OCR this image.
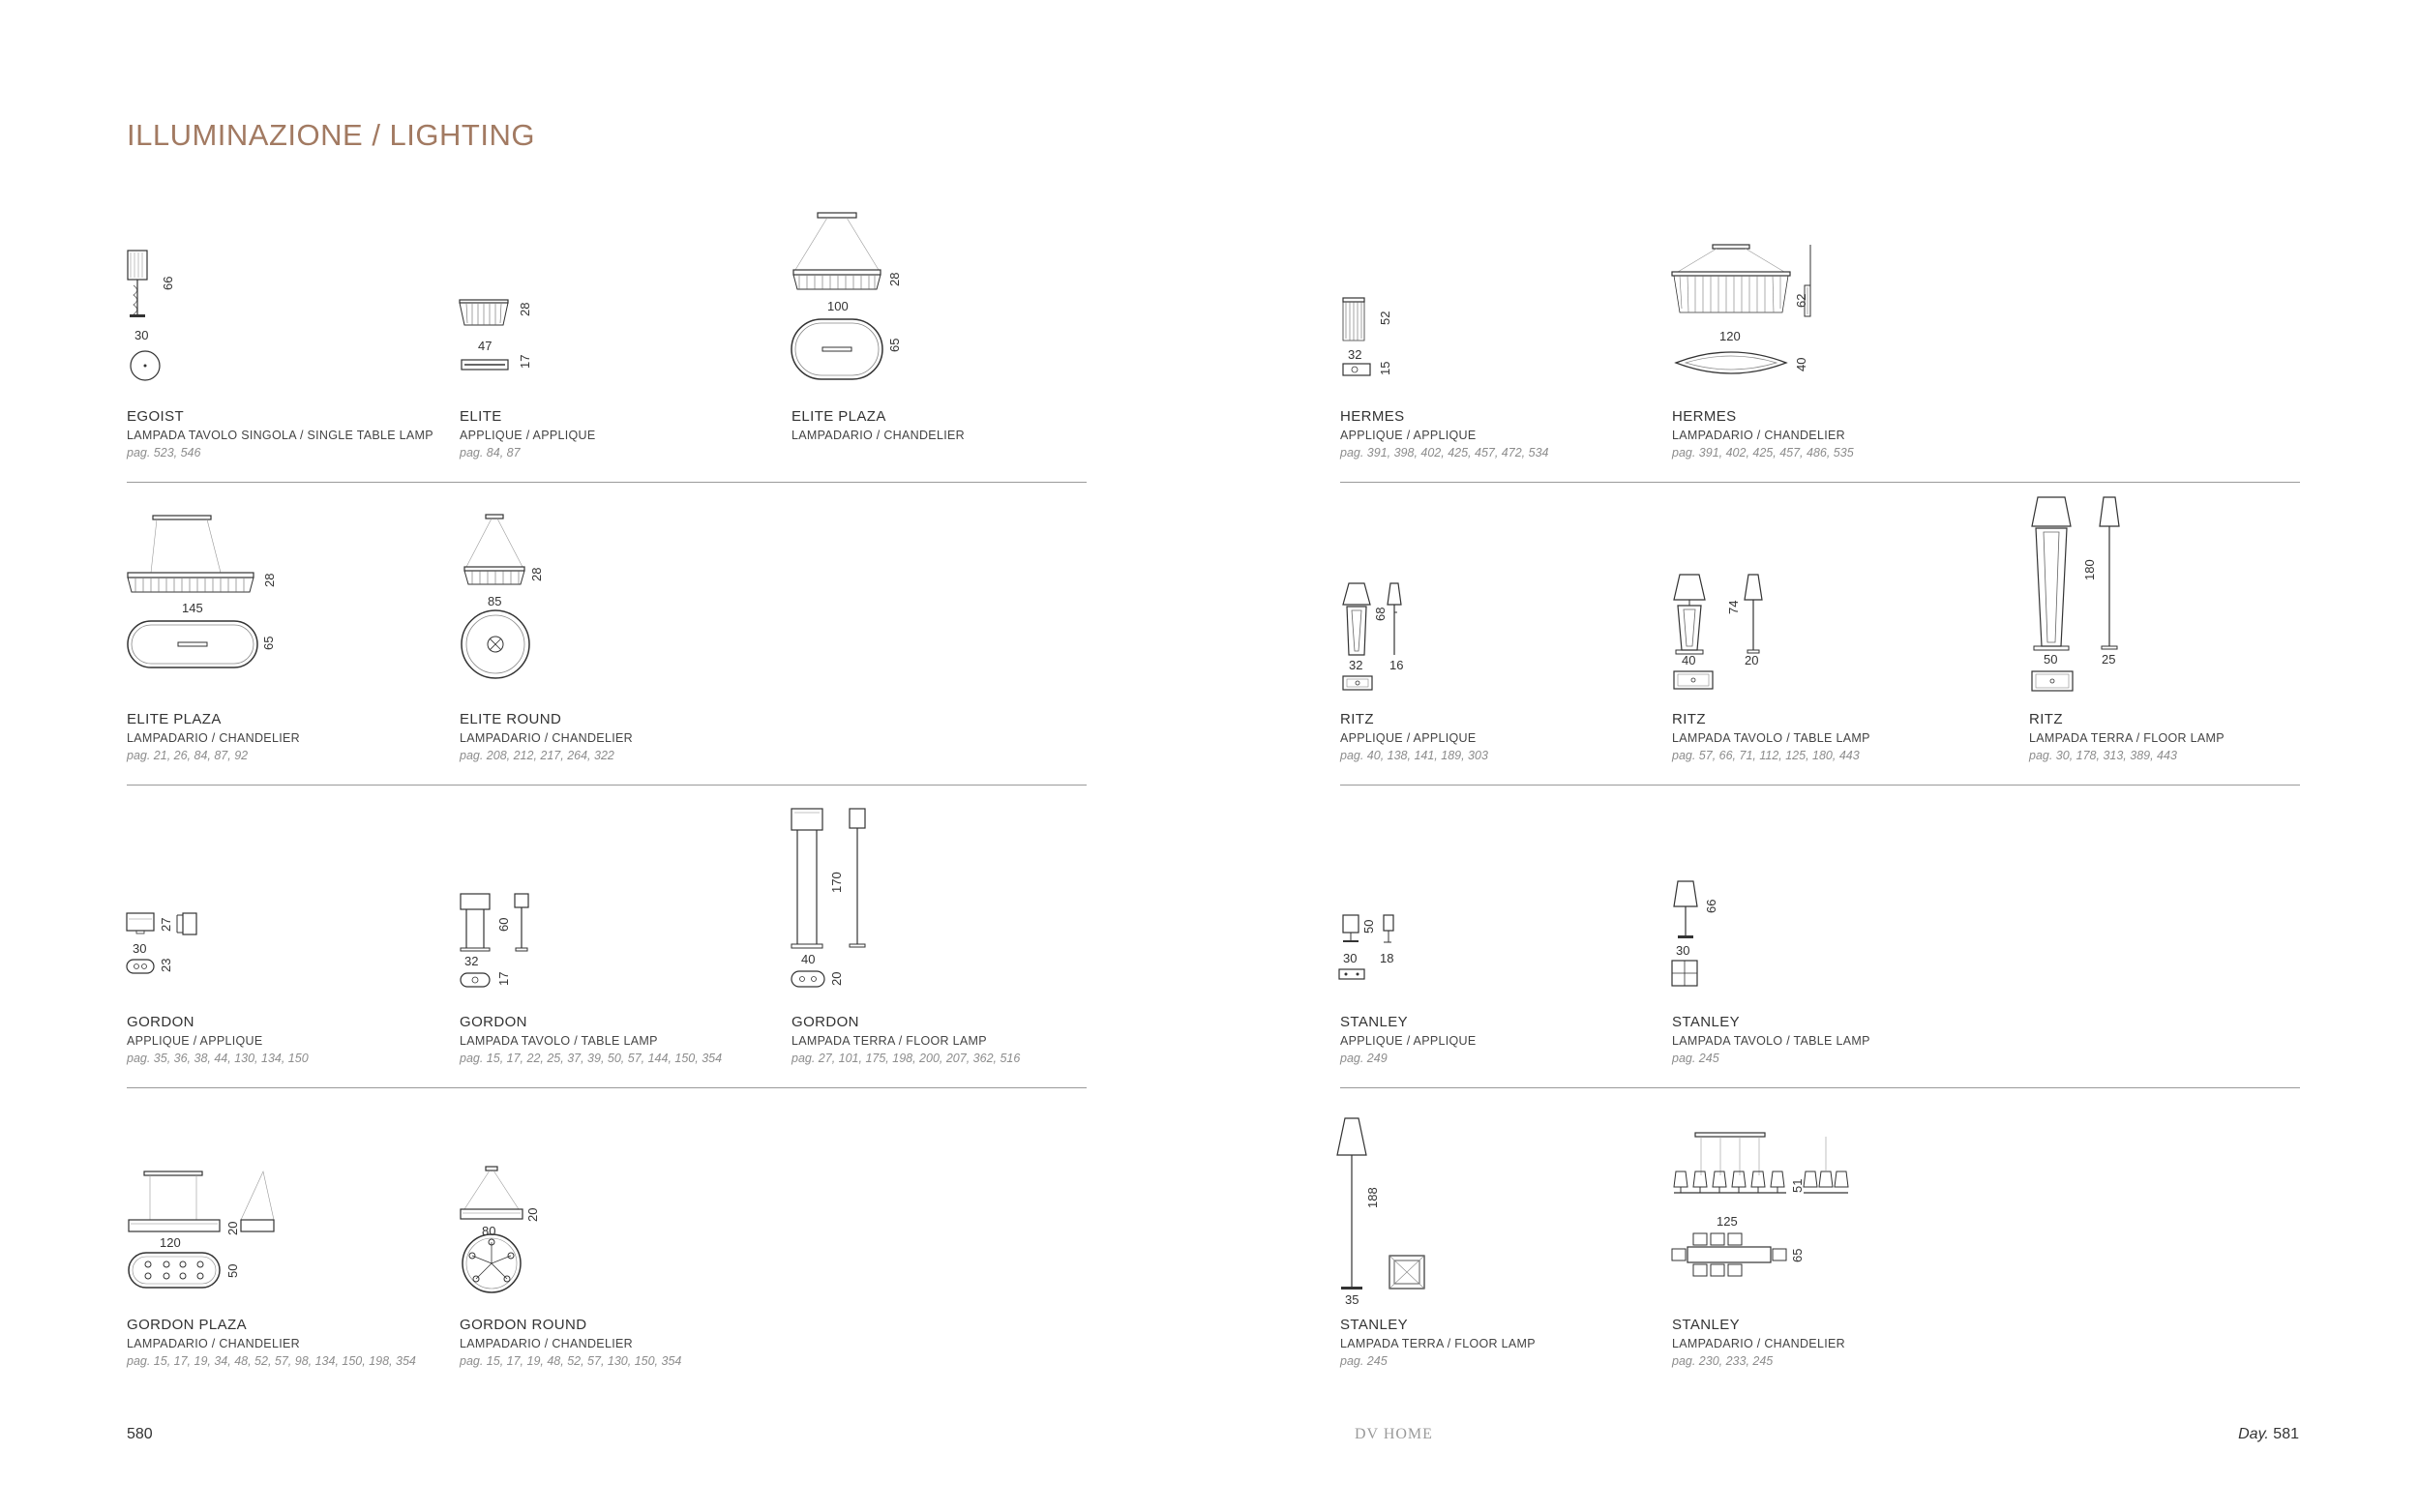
ILLUMINAZIONE / LIGHTING
66
30
EGOIST
LAMPADA TAVOLO SINGOLA / SINGLE TABLE LAMP
pag. 523, 546
28
47
17
ELITE
APPLIQUE / APPLIQUE
pag. 84, 87
28
100
65
ELITE PLAZA
LAMPADARIO / CHANDELIER
52
32
15
HERMES
APPLIQUE / APPLIQUE
pag. 391, 398, 402, 425, 457, 472, 534
62
120
40
HERMES
LAMPADARIO / CHANDELIER
pag. 391, 402, 425, 457, 486, 535
28
145
65
ELITE PLAZA
LAMPADARIO / CHANDELIER
pag. 21, 26, 84, 87, 92
28
85
ELITE ROUND
LAMPADARIO / CHANDELIER
pag. 208, 212, 217, 264, 322
68
32 16
RITZ
APPLIQUE / APPLIQUE
pag. 40, 138, 141, 189, 303
74
40	20
RITZ
LAMPADA TAVOLO / TABLE LAMP
pag. 57, 66, 71, 112, 125, 180, 443
180
50	25
RITZ
LAMPADA TERRA / FLOOR LAMP
pag. 30, 178, 313, 389, 443
27
30
23
GORDON
APPLIQUE / APPLIQUE
pag. 35, 36, 38, 44, 130, 134, 150
60
32
17
GORDON
LAMPADA TAVOLO / TABLE LAMP
pag. 15, 17, 22, 25, 37, 39, 50, 57, 144, 150, 354
170
40
20
GORDON
LAMPADA TERRA / FLOOR LAMP
pag. 27, 101, 175, 198, 200, 207, 362, 516
50
30 18
STANLEY
APPLIQUE / APPLIQUE
pag. 249
66
30
STANLEY
LAMPADA TAVOLO / TABLE LAMP
pag. 245
20
120
50
GORDON PLAZA
LAMPADARIO / CHANDELIER
pag. 15, 17, 19, 34, 48, 52, 57, 98, 134, 150, 198, 354
20
80
GORDON ROUND
LAMPADARIO / CHANDELIER
pag. 15, 17, 19, 48, 52, 57, 130, 150, 354
188
35
STANLEY
LAMPADA TERRA / FLOOR LAMP
pag. 245
51
125
65
STANLEY
LAMPADARIO / CHANDELIER
pag. 230, 233, 245
580	DV HOME	Day. 581
